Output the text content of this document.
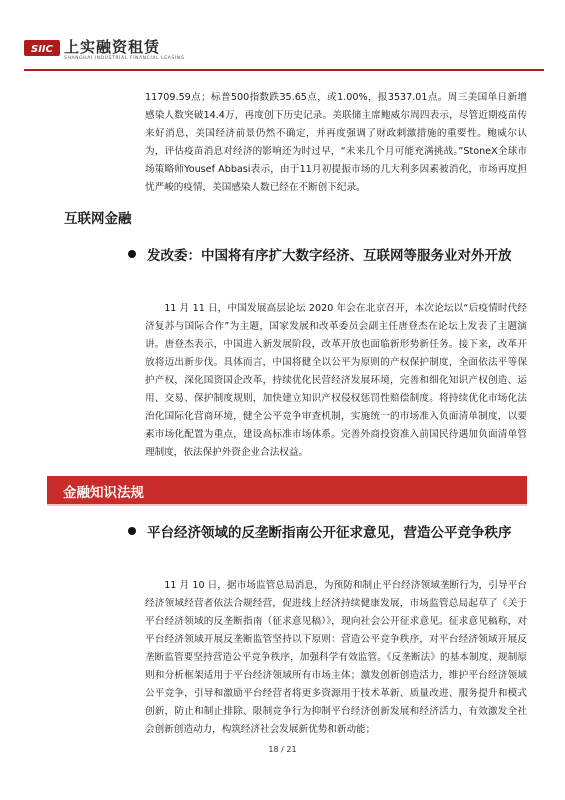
SIIC 上实融资租赁
SHANGHAI INDUSTRIAL FINANCIAL LEASING

11709.59点；标普500指数跌35.65点，或1.00%，报3537.01点。周三美国单日新增感染人数突破14.4万，再度创下历史记录。美联储主席鲍威尔周四表示，尽管近期疫苗传来好消息，美国经济前景仍然不确定，并再度强调了财政刺激措施的重要性。鲍威尔认为，评估疫苗消息对经济的影响还为时过早，“未来几个月可能充满挑战。”StoneX全球市场策略师Yousef Abbasi表示，由于11月初提振市场的几大利多因素被消化，市场再度担忧严峻的疫情，美国感染人数已经在不断创下纪录。

互联网金融
发改委：中国将有序扩大数字经济、互联网等服务业对外开放

11 月 11 日，中国发展高层论坛 2020 年会在北京召开，本次论坛以“后疫情时代经济复苏与国际合作”为主题，国家发展和改革委员会副主任唐登杰在论坛上发表了主题演讲。唐登杰表示，中国进入新发展阶段，改革开放也面临新形势新任务。接下来，改革开放将迈出新步伐。具体而言，中国将健全以公平为原则的产权保护制度，全面依法平等保护产权，深化国资国企改革，持续优化民营经济发展环境，完善和细化知识产权创造、运用、交易、保护制度规则，加快建立知识产权侵权惩罚性赔偿制度。将持续优化市场化法治化国际化营商环境，健全公平竞争审查机制，实施统一的市场准入负面清单制度，以要素市场化配置为重点，建设高标准市场体系。完善外商投资准入前国民待遇加负面清单管理制度，依法保护外资企业合法权益。

金融知识法规
平台经济领域的反垄断指南公开征求意见，营造公平竞争秩序

11 月 10 日，据市场监管总局消息，为预防和制止平台经济领域垄断行为，引导平台经济领域经营者依法合规经营，促进线上经济持续健康发展，市场监管总局起草了《关于平台经济领域的反垄断指南（征求意见稿）》，现向社会公开征求意见。征求意见稿称，对平台经济领域开展反垄断监管坚持以下原则：营造公平竞争秩序，对平台经济领域开展反垄断监管要坚持营造公平竞争秩序，加强科学有效监管。《反垄断法》的基本制度、规制原则和分析框架适用于平台经济领域所有市场主体；激发创新创造活力，维护平台经济领域公平竞争，引导和激励平台经营者将更多资源用于技术革新、质量改进、服务提升和模式创新，防止和制止排除、限制竞争行为抑制平台经济创新发展和经济活力，有效激发全社会创新创造动力，构筑经济社会发展新优势和新动能；

18 / 21
